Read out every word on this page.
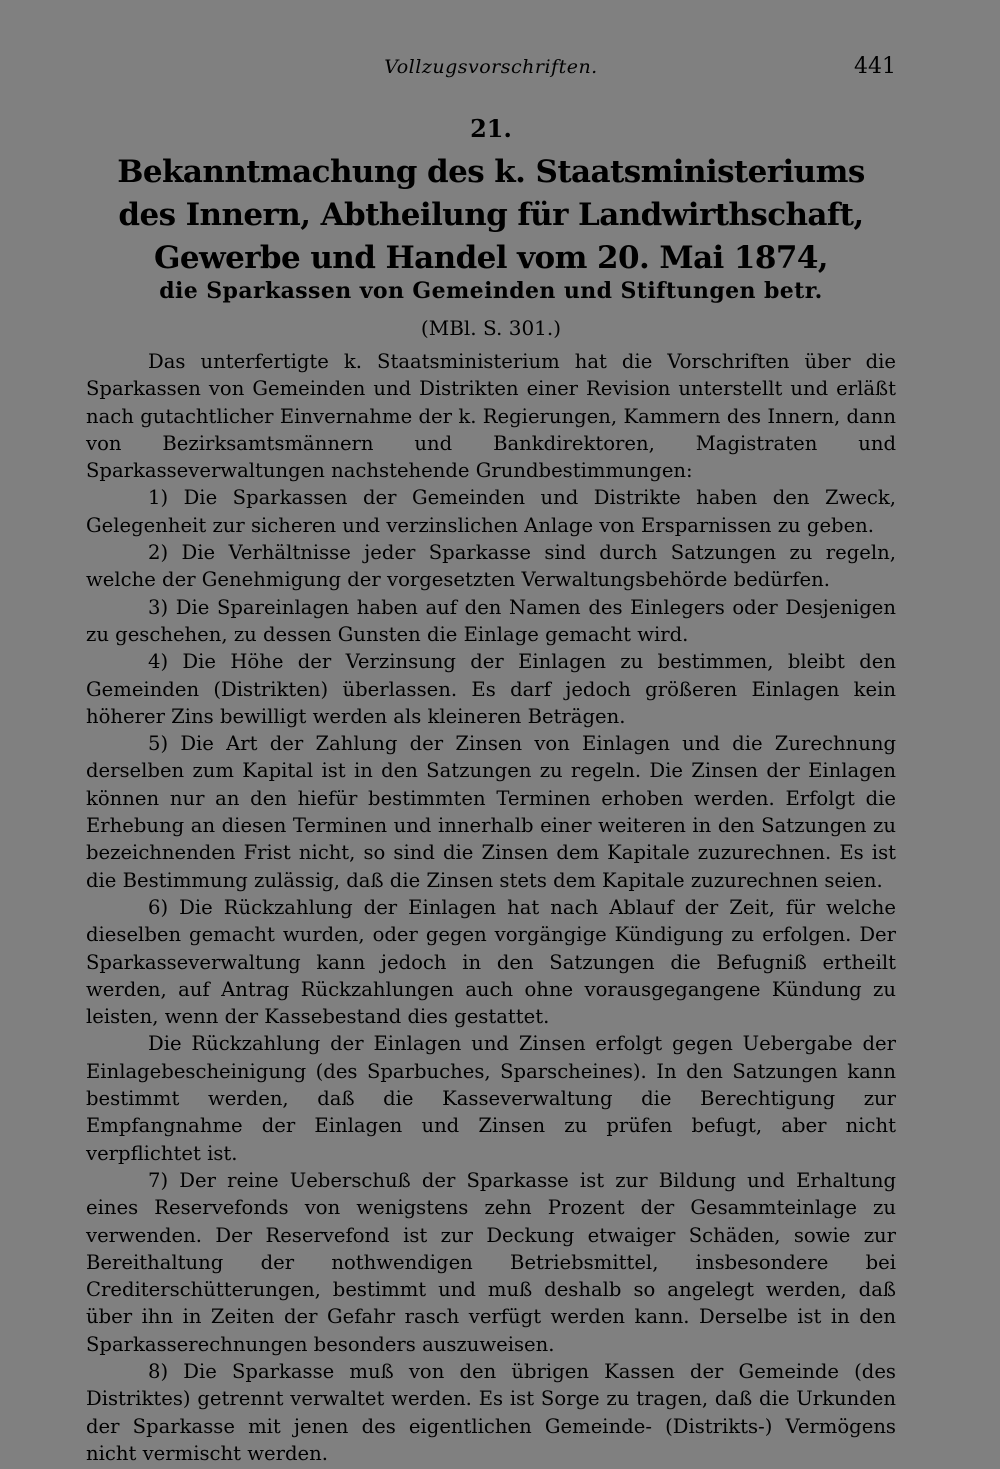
Vollzugsvorschriften.	441
21.
Bekanntmachung des k. Staatsministeriums des Innern, Abtheilung für Landwirthschaft, Gewerbe und Handel vom 20. Mai 1874,
die Sparkassen von Gemeinden und Stiftungen betr.
(MBl. S. 301.)

Das unterfertigte k. Staatsministerium hat die Vorschriften über die Sparkassen von Gemeinden und Distrikten einer Revision unterstellt und erläßt nach gutachtlicher Einvernahme der k. Regierungen, Kammern des Innern, dann von Bezirksamtsmännern und Bankdirektoren, Magistraten und Sparkasseverwaltungen nachstehende Grundbestimmungen:

1) Die Sparkassen der Gemeinden und Distrikte haben den Zweck, Gelegenheit zur sicheren und verzinslichen Anlage von Ersparnissen zu geben.

2) Die Verhältnisse jeder Sparkasse sind durch Satzungen zu regeln, welche der Genehmigung der vorgesetzten Verwaltungsbehörde bedürfen.

3) Die Spareinlagen haben auf den Namen des Einlegers oder Desjenigen zu geschehen, zu dessen Gunsten die Einlage gemacht wird.

4) Die Höhe der Verzinsung der Einlagen zu bestimmen, bleibt den Gemeinden (Distrikten) überlassen. Es darf jedoch größeren Einlagen kein höherer Zins bewilligt werden als kleineren Beträgen.

5) Die Art der Zahlung der Zinsen von Einlagen und die Zurechnung derselben zum Kapital ist in den Satzungen zu regeln. Die Zinsen der Einlagen können nur an den hiefür bestimmten Terminen erhoben werden. Erfolgt die Erhebung an diesen Terminen und innerhalb einer weiteren in den Satzungen zu bezeichnenden Frist nicht, so sind die Zinsen dem Kapitale zuzurechnen. Es ist die Bestimmung zulässig, daß die Zinsen stets dem Kapitale zuzurechnen seien.

6) Die Rückzahlung der Einlagen hat nach Ablauf der Zeit, für welche dieselben gemacht wurden, oder gegen vorgängige Kündigung zu erfolgen. Der Sparkasseverwaltung kann jedoch in den Satzungen die Befugniß ertheilt werden, auf Antrag Rückzahlungen auch ohne vorausgegangene Kündung zu leisten, wenn der Kassebestand dies gestattet.

Die Rückzahlung der Einlagen und Zinsen erfolgt gegen Uebergabe der Einlagebescheinigung (des Sparbuches, Sparscheines). In den Satzungen kann bestimmt werden, daß die Kasseverwaltung die Berechtigung zur Empfangnahme der Einlagen und Zinsen zu prüfen befugt, aber nicht verpflichtet ist.

7) Der reine Ueberschuß der Sparkasse ist zur Bildung und Erhaltung eines Reservefonds von wenigstens zehn Prozent der Gesammteinlage zu verwenden. Der Reservefond ist zur Deckung etwaiger Schäden, sowie zur Bereithaltung der nothwendigen Betriebsmittel, insbesondere bei Crediterschütterungen, bestimmt und muß deshalb so angelegt werden, daß über ihn in Zeiten der Gefahr rasch verfügt werden kann. Derselbe ist in den Sparkasserechnungen besonders auszuweisen.

8) Die Sparkasse muß von den übrigen Kassen der Gemeinde (des Distriktes) getrennt verwaltet werden. Es ist Sorge zu tragen, daß die Urkunden der Sparkasse mit jenen des eigentlichen Gemeinde- (Distrikts-) Vermögens nicht vermischt werden.
